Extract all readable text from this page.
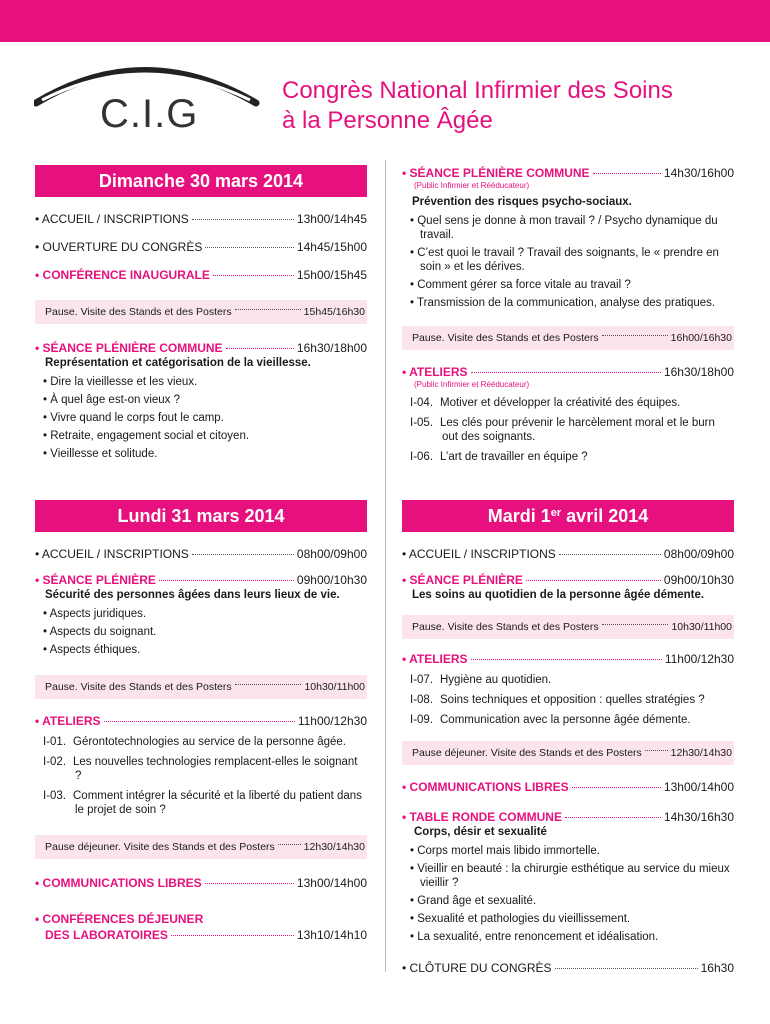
C.I.G
Congrès National Infirmier des Soins
à la Personne Âgée
Dimanche 30 mars 2014
• ACCUEIL / INSCRIPTIONS	13h00/14h45
• OUVERTURE DU CONGRÈS	14h45/15h00
• CONFÉRENCE INAUGURALE	15h00/15h45
Pause. Visite des Stands et des Posters	15h45/16h30
• SÉANCE PLÉNIÈRE COMMUNE	16h30/18h00
Représentation et catégorisation de la vieillesse.
• Dire la vieillesse et les vieux.
• À quel âge est-on vieux ?
• Vivre quand le corps fout le camp.
• Retraite, engagement social et citoyen.
• Vieillesse et solitude.
• SÉANCE PLÉNIÈRE COMMUNE	14h30/16h00
(Public Infirmier et Rééducateur)
Prévention des risques psycho-sociaux.
• Quel sens je donne à mon travail ? / Psycho dynamique du travail.
• C’est quoi le travail ? Travail des soignants, le « prendre en soin » et les dérives.
• Comment gérer sa force vitale au travail ?
• Transmission de la communication, analyse des pratiques.
Pause. Visite des Stands et des Posters	16h00/16h30
• ATELIERS	16h30/18h00
(Public Infirmier et Rééducateur)
I-04. Motiver et développer la créativité des équipes.
I-05. Les clés pour prévenir le harcèlement moral et le burn out des soignants.
I-06. L’art de travailler en équipe ?
Lundi 31 mars 2014
• ACCUEIL / INSCRIPTIONS	08h00/09h00
• SÉANCE PLÉNIÈRE	09h00/10h30
Sécurité des personnes âgées dans leurs lieux de vie.
• Aspects juridiques.
• Aspects du soignant.
• Aspects éthiques.
Pause. Visite des Stands et des Posters	10h30/11h00
• ATELIERS	11h00/12h30
I-01. Gérontotechnologies au service de la personne âgée.
I-02. Les nouvelles technologies remplacent-elles le soignant ?
I-03. Comment intégrer la sécurité et la liberté du patient dans le projet de soin ?
Pause déjeuner. Visite des Stands et des Posters	12h30/14h30
• COMMUNICATIONS LIBRES	13h00/14h00
• CONFÉRENCES DÉJEUNER
DES LABORATOIRES	13h10/14h10
Mardi 1er avril 2014
• ACCUEIL / INSCRIPTIONS	08h00/09h00
• SÉANCE PLÉNIÈRE	09h00/10h30
Les soins au quotidien de la personne âgée démente.
Pause. Visite des Stands et des Posters	10h30/11h00
• ATELIERS	11h00/12h30
I-07. Hygiène au quotidien.
I-08. Soins techniques et opposition : quelles stratégies ?
I-09. Communication avec la personne âgée démente.
Pause déjeuner. Visite des Stands et des Posters	12h30/14h30
• COMMUNICATIONS LIBRES	13h00/14h00
• TABLE RONDE COMMUNE	14h30/16h30
Corps, désir et sexualité
• Corps mortel mais libido immortelle.
• Vieillir en beauté : la chirurgie esthétique au service du mieux vieillir ?
• Grand âge et sexualité.
• Sexualité et pathologies du vieillissement.
• La sexualité, entre renoncement et idéalisation.
• CLÔTURE DU CONGRÈS	16h30
